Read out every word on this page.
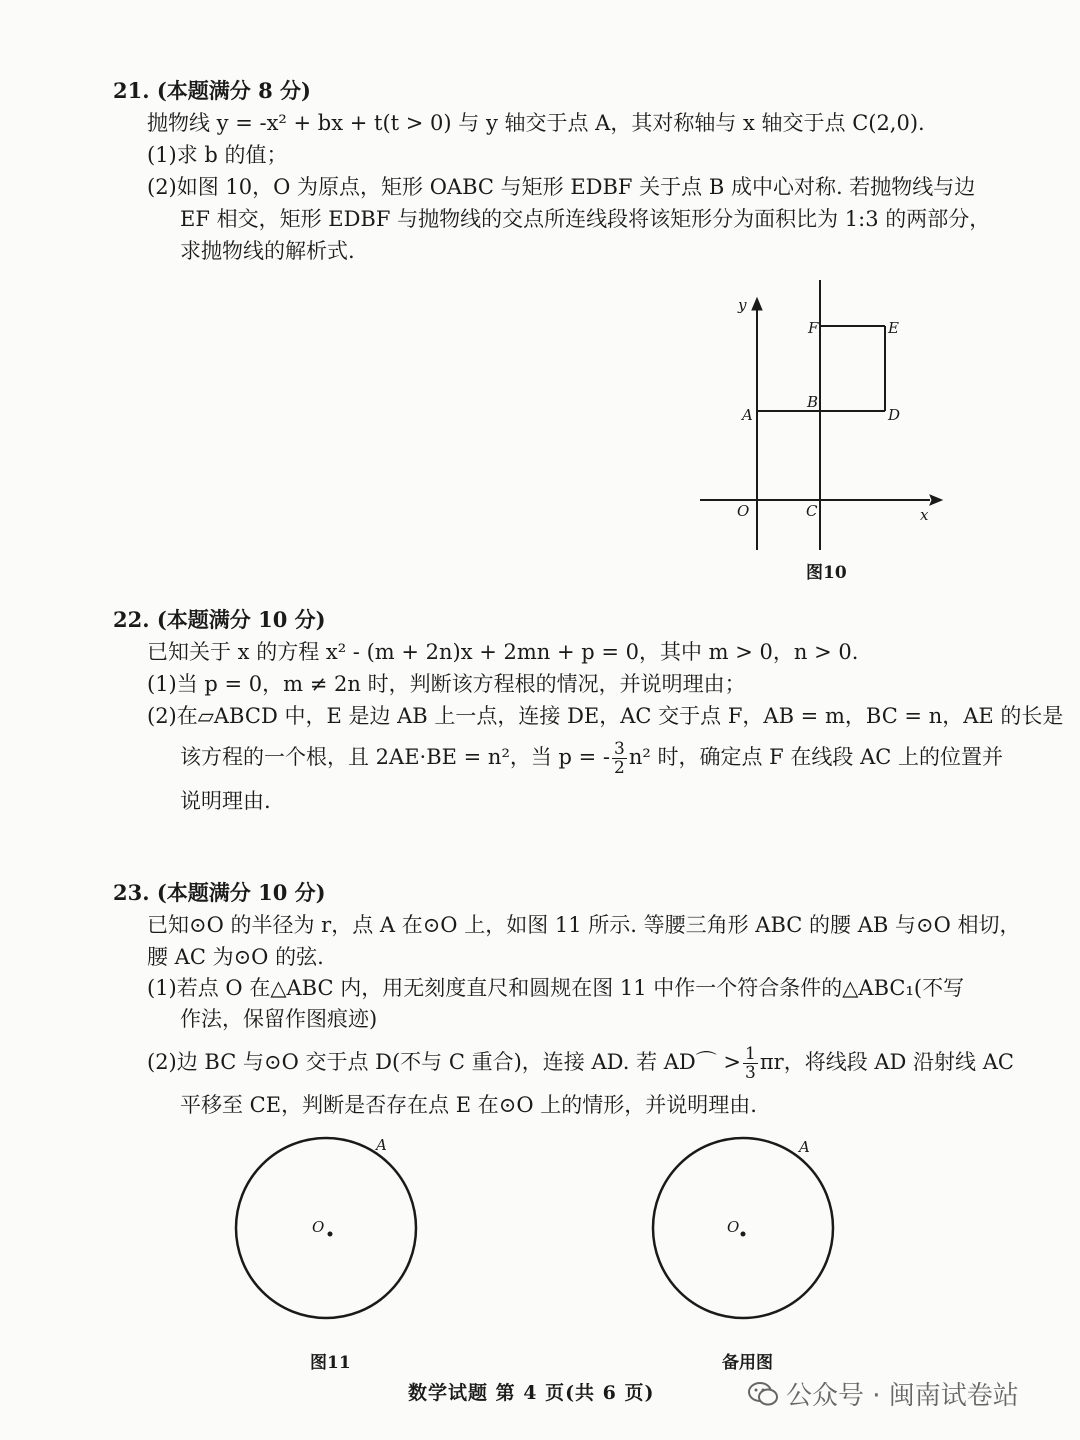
21. (本题满分 8 分)
抛物线 y = -x² + bx + t(t > 0) 与 y 轴交于点 A，其对称轴与 x 轴交于点 C(2,0).
(1)求 b 的值；
(2)如图 10，O 为原点，矩形 OABC 与矩形 EDBF 关于点 B 成中心对称. 若抛物线与边
EF 相交，矩形 EDBF 与抛物线的交点所连线段将该矩形分为面积比为 1:3 的两部分，
求抛物线的解析式.
y
x
O	C
A
B
D
F	E
图10
22. (本题满分 10 分)
已知关于 x 的方程 x² - (m + 2n)x + 2mn + p = 0，其中 m > 0，n > 0.
(1)当 p = 0，m ≠ 2n 时，判断该方程根的情况，并说明理由；
(2)在▱ABCD 中，E 是边 AB 上一点，连接 DE，AC 交于点 F，AB = m，BC = n，AE 的长是
该方程的一个根，且 2AE·BE = n²，当 p = - $\frac{3}{2} n^2$ 时，确定点 F 在线段 AC 上的位置并
说明理由.
23. (本题满分 10 分)
已知⊙O 的半径为 r，点 A 在⊙O 上，如图 11 所示. 等腰三角形 ABC 的腰 AB 与⊙O 相切，
腰 AC 为⊙O 的弦.
(1)若点 O 在△ABC 内，用无刻度直尺和圆规在图 11 中作一个符合条件的△ABC₁(不写
作法，保留作图痕迹)
(2)边 BC 与⊙O 交于点 D(不与 C 重合)，连接 AD. 若 AD⌒ > $\frac{1}{3}$ πr，将线段 AD 沿射线 AC
平移至 CE，判断是否存在点 E 在⊙O 上的情形，并说明理由.
O
A
图11
O
A
备用图
数学试题 第 4 页(共 6 页)	公众号 · 闽南试卷站
